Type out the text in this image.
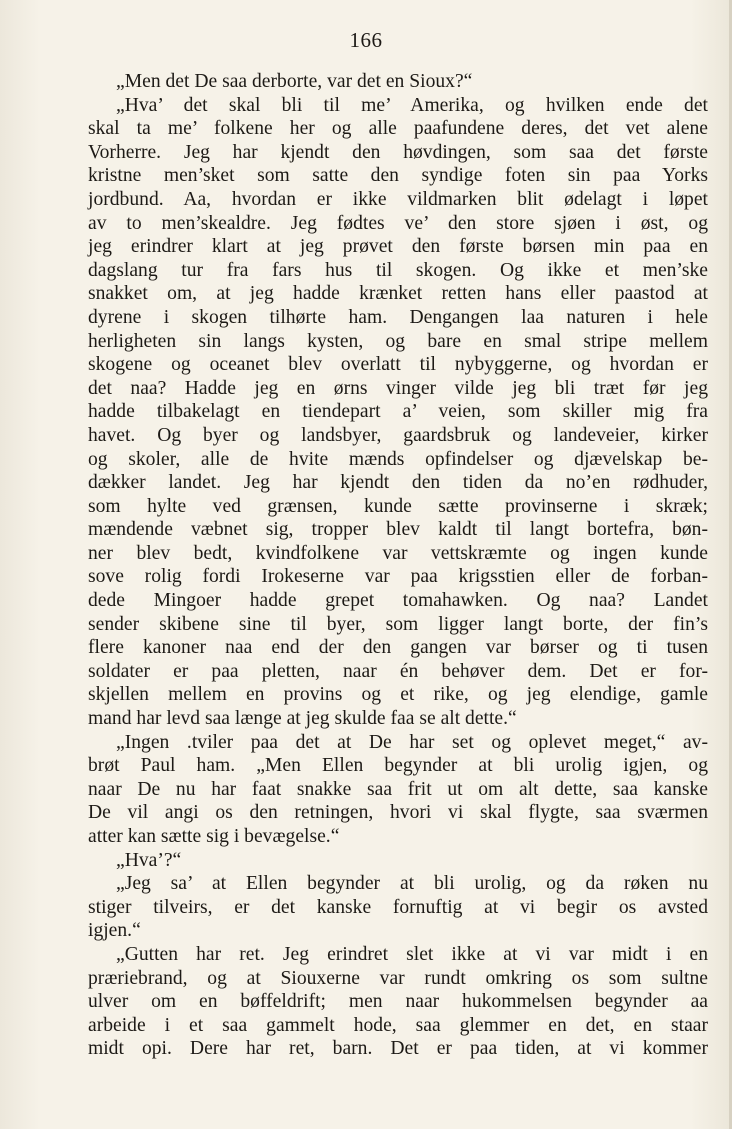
166
„Men det De saa derborte, var det en Sioux?“
„Hva’ det skal bli til me’ Amerika, og hvilken ende det
skal ta me’ folkene her og alle paafundene deres, det vet alene
Vorherre. Jeg har kjendt den høvdingen, som saa det første
kristne men’sket som satte den syndige foten sin paa Yorks
jordbund. Aa, hvordan er ikke vildmarken blit ødelagt i løpet
av to men’skealdre. Jeg fødtes ve’ den store sjøen i øst, og
jeg erindrer klart at jeg prøvet den første børsen min paa en
dagslang tur fra fars hus til skogen. Og ikke et men’ske
snakket om, at jeg hadde krænket retten hans eller paastod at
dyrene i skogen tilhørte ham. Dengangen laa naturen i hele
herligheten sin langs kysten, og bare en smal stripe mellem
skogene og oceanet blev overlatt til nybyggerne, og hvordan er
det naa? Hadde jeg en ørns vinger vilde jeg bli træt før jeg
hadde tilbakelagt en tiendepart a’ veien, som skiller mig fra
havet. Og byer og landsbyer, gaardsbruk og landeveier, kirker
og skoler, alle de hvite mænds opfindelser og djævelskap be-
dækker landet. Jeg har kjendt den tiden da no’en rødhuder,
som hylte ved grænsen, kunde sætte provinserne i skræk;
mændende væbnet sig, tropper blev kaldt til langt bortefra, bøn-
ner blev bedt, kvindfolkene var vettskræmte og ingen kunde
sove rolig fordi Irokeserne var paa krigsstien eller de forban-
dede Mingoer hadde grepet tomahawken. Og naa? Landet
sender skibene sine til byer, som ligger langt borte, der fin’s
flere kanoner naa end der den gangen var børser og ti tusen
soldater er paa pletten, naar én behøver dem. Det er for-
skjellen mellem en provins og et rike, og jeg elendige, gamle
mand har levd saa længe at jeg skulde faa se alt dette.“
„Ingen .tviler paa det at De har set og oplevet meget,“ av-
brøt Paul ham. „Men Ellen begynder at bli urolig igjen, og
naar De nu har faat snakke saa frit ut om alt dette, saa kanske
De vil angi os den retningen, hvori vi skal flygte, saa sværmen
atter kan sætte sig i bevægelse.“
„Hva’?“
„Jeg sa’ at Ellen begynder at bli urolig, og da røken nu
stiger tilveirs, er det kanske fornuftig at vi begir os avsted
igjen.“
„Gutten har ret. Jeg erindret slet ikke at vi var midt i en
præriebrand, og at Siouxerne var rundt omkring os som sultne
ulver om en bøffeldrift; men naar hukommelsen begynder aa
arbeide i et saa gammelt hode, saa glemmer en det, en staar
midt opi. Dere har ret, barn. Det er paa tiden, at vi kommer
